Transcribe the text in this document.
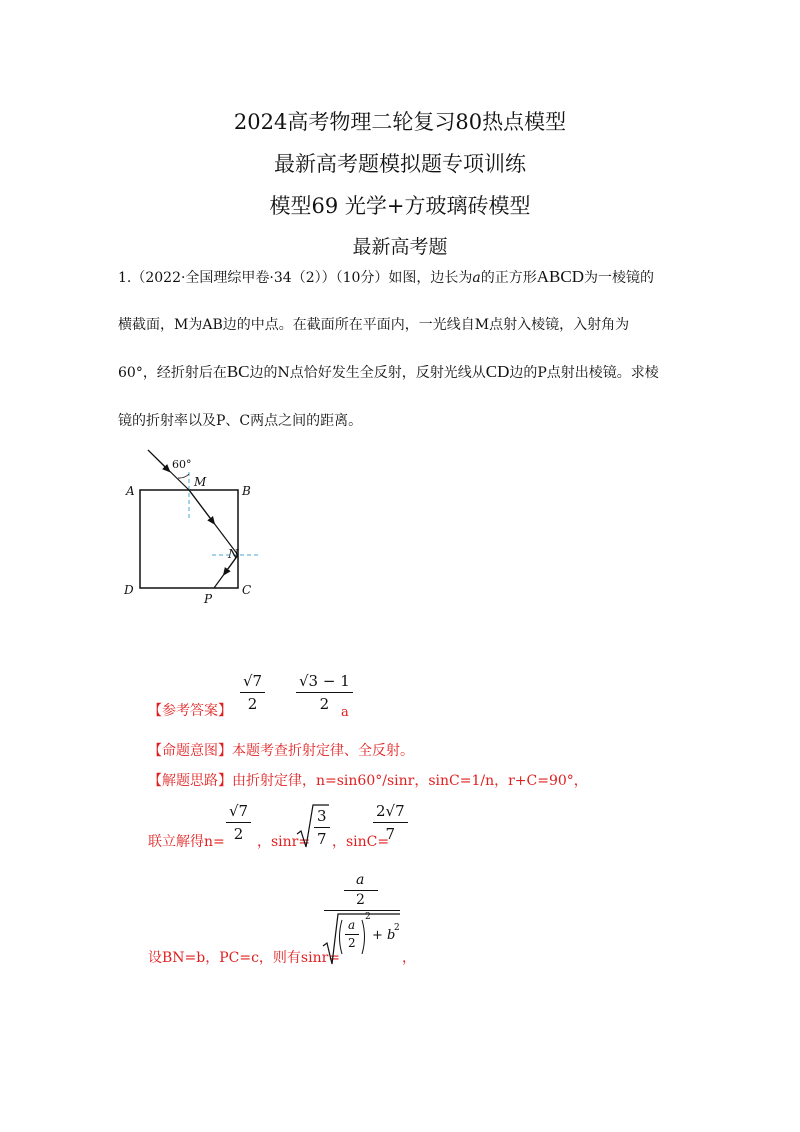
2024高考物理二轮复习80热点模型
最新高考题模拟题专项训练
模型69 光学+方玻璃砖模型
最新高考题
1.（2022·全国理综甲卷·34（2））（10分）如图，边长为a的正方形ABCD为一棱镜的
横截面，M为AB边的中点。在截面所在平面内，一光线自M点射入棱镜，入射角为
60°，经折射后在BC边的N点恰好发生全反射，反射光线从CD边的P点射出棱镜。求棱
镜的折射率以及P、C两点之间的距离。
60°
A	B
C
D
M
N
P
【参考答案】 $\frac{√7}{2} \frac{√3 - 1}{2}$
a
【命题意图】本题考查折射定律、全反射。
【解题思路】由折射定律，n=sin60°/sinr，sinC=1/n，r+C=90°，
联立解得$n= \frac{√7}{2}$ ，$\sin r= \frac{3}{7}$ ，sinC=
$\frac{2√7}{7}$
设BN=b，PC=c，则有sinr=
a
2
a
2
2
+ b
2
，
